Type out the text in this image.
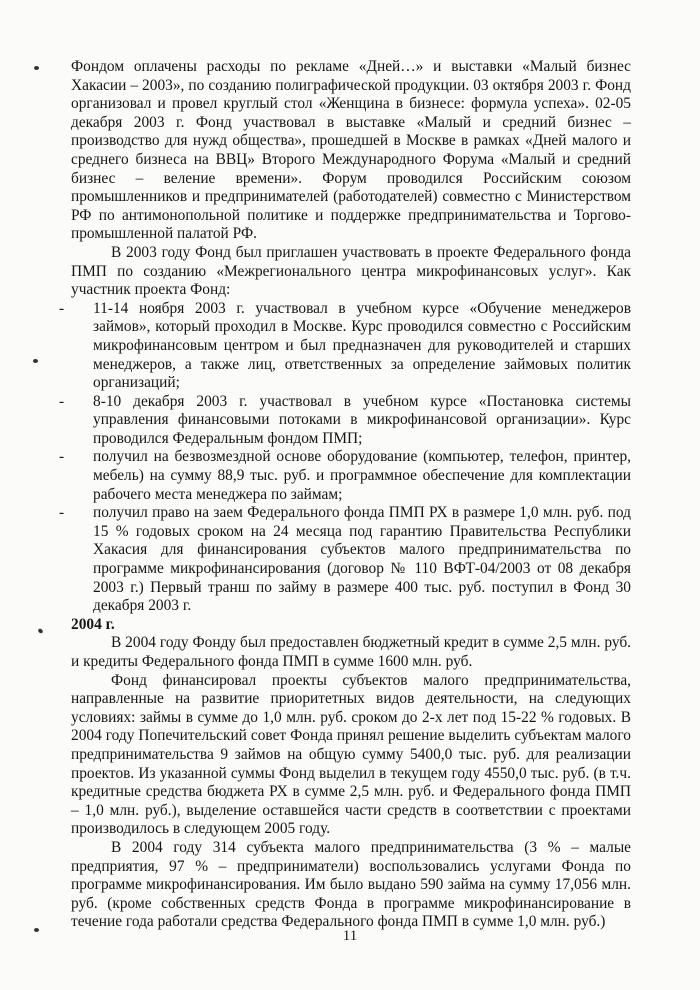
Фондом оплачены расходы по рекламе «Дней…» и выставки «Малый бизнес Хакасии – 2003», по созданию полиграфической продукции. 03 октября 2003 г. Фонд организовал и провел круглый стол «Женщина в бизнесе: формула успеха». 02-05 декабря 2003 г. Фонд участвовал в выставке «Малый и средний бизнес – производство для нужд общества», прошедшей в Москве в рамках «Дней малого и среднего бизнеса на ВВЦ» Второго Международного Форума «Малый и средний бизнес – веление времени». Форум проводился Российским союзом промышленников и предпринимателей (работодателей) совместно с Министерством РФ по антимонопольной политике и поддержке предпринимательства и Торгово-промышленной палатой РФ.

В 2003 году Фонд был приглашен участвовать в проекте Федерального фонда ПМП по созданию «Межрегионального центра микрофинансовых услуг». Как участник проекта Фонд:

- 11-14 ноября 2003 г. участвовал в учебном курсе «Обучение менеджеров займов», который проходил в Москве. Курс проводился совместно с Российским микрофинансовым центром и был предназначен для руководителей и старших менеджеров, а также лиц, ответственных за определение займовых политик организаций;
- 8-10 декабря 2003 г. участвовал в учебном курсе «Постановка системы управления финансовыми потоками в микрофинансовой организации». Курс проводился Федеральным фондом ПМП;
- получил на безвозмездной основе оборудование (компьютер, телефон, принтер, мебель) на сумму 88,9 тыс. руб. и программное обеспечение для комплектации рабочего места менеджера по займам;
- получил право на заем Федерального фонда ПМП РХ в размере 1,0 млн. руб. под 15 % годовых сроком на 24 месяца под гарантию Правительства Республики Хакасия для финансирования субъектов малого предпринимательства по программе микрофинансирования (договор № 110 ВФТ-04/2003 от 08 декабря 2003 г.) Первый транш по займу в размере 400 тыс. руб. поступил в Фонд 30 декабря 2003 г.

2004 г.

В 2004 году Фонду был предоставлен бюджетный кредит в сумме 2,5 млн. руб. и кредиты Федерального фонда ПМП в сумме 1600 млн. руб.

Фонд финансировал проекты субъектов малого предпринимательства, направленные на развитие приоритетных видов деятельности, на следующих условиях: займы в сумме до 1,0 млн. руб. сроком до 2-х лет под 15-22 % годовых. В 2004 году Попечительский совет Фонда принял решение выделить субъектам малого предпринимательства 9 займов на общую сумму 5400,0 тыс. руб. для реализации проектов. Из указанной суммы Фонд выделил в текущем году 4550,0 тыс. руб. (в т.ч. кредитные средства бюджета РХ в сумме 2,5 млн. руб. и Федерального фонда ПМП – 1,0 млн. руб.), выделение оставшейся части средств в соответствии с проектами производилось в следующем 2005 году.

В 2004 году 314 субъекта малого предпринимательства (3 % – малые предприятия, 97 % – предприниматели) воспользовались услугами Фонда по программе микрофинансирования. Им было выдано 590 займа на сумму 17,056 млн. руб. (кроме собственных средств Фонда в программе микрофинансирование в течение года работали средства Федерального фонда ПМП в сумме 1,0 млн. руб.)

11
